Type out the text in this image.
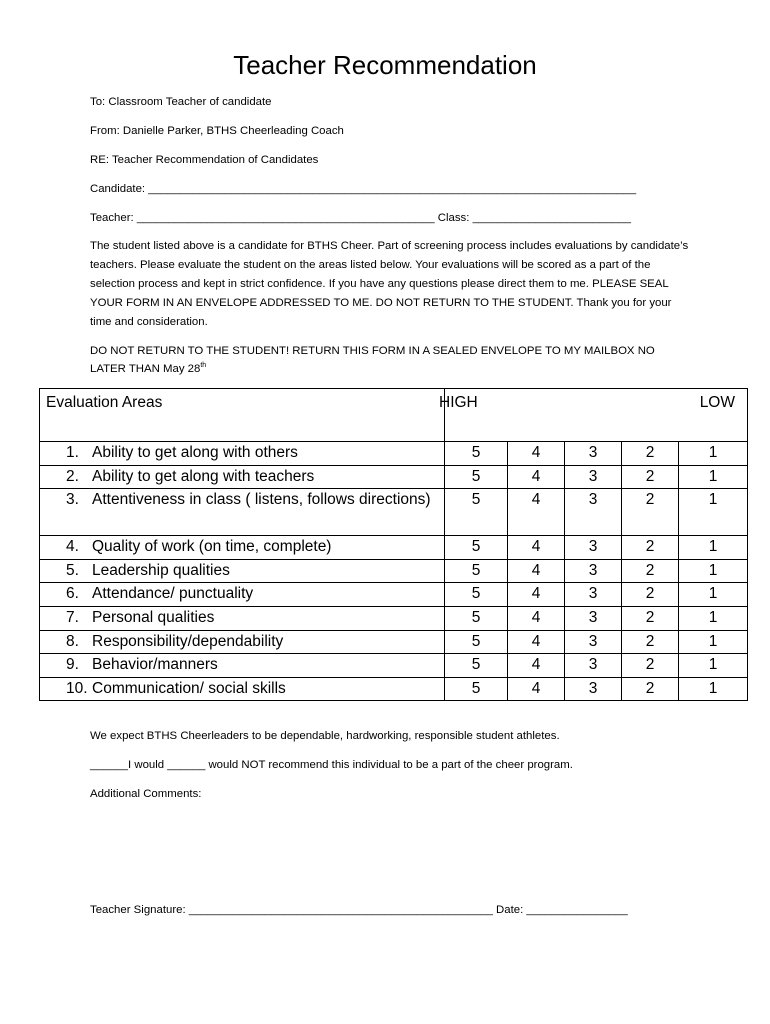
Teacher Recommendation
To: Classroom Teacher of candidate
From: Danielle Parker, BTHS Cheerleading Coach
RE: Teacher Recommendation of Candidates
Candidate: _____________________________________________________________________________
Teacher: _______________________________________________ Class: _________________________
The student listed above is a candidate for BTHS Cheer. Part of screening process includes evaluations by candidate’s teachers. Please evaluate the student on the areas listed below. Your evaluations will be scored as a part of the selection process and kept in strict confidence. If you have any questions please direct them to me. PLEASE SEAL YOUR FORM IN AN ENVELOPE ADDRESSED TO ME. DO NOT RETURN TO THE STUDENT. Thank you for your time and consideration.
DO NOT RETURN TO THE STUDENT! RETURN THIS FORM IN A SEALED ENVELOPE TO MY MAILBOX NO LATER THAN May 28th
Evaluation Areas	HIGH				LOW

1. Ability to get along with others	5	4	3	2	1

2. Ability to get along with teachers	5	4	3	2	1

3. Attentiveness in class ( listens, follows directions)	5	4	3	2	1

4. Quality of work (on time, complete)	5	4	3	2	1

5. Leadership qualities	5	4	3	2	1

6. Attendance/ punctuality	5	4	3	2	1

7. Personal qualities	5	4	3	2	1

8. Responsibility/dependability	5	4	3	2	1

9. Behavior/manners	5	4	3	2	1

10. Communication/ social skills	5	4	3	2	1
We expect BTHS Cheerleaders to be dependable, hardworking, responsible student athletes.
______I would ______ would NOT recommend this individual to be a part of the cheer program.
Additional Comments:
Teacher Signature: ________________________________________________ Date: ________________
